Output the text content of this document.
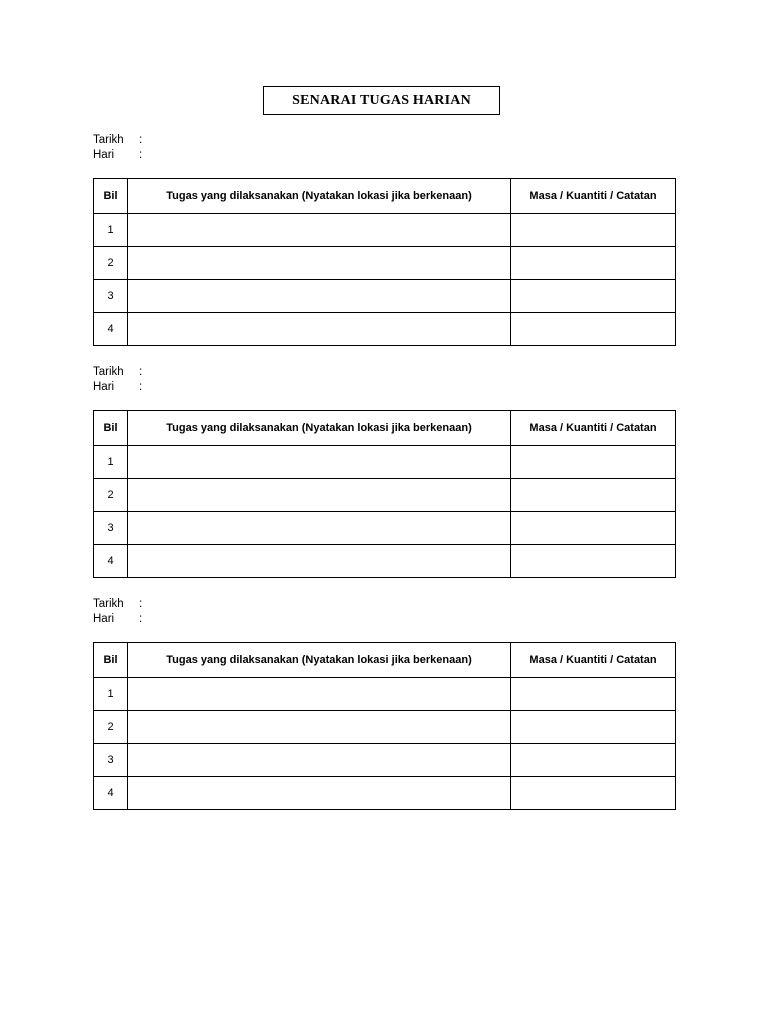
SENARAI TUGAS HARIAN
Tarikh	:
Hari	:
Bil	Tugas yang dilaksanakan (Nyatakan lokasi jika berkenaan)	Masa / Kuantiti / Catatan
1		
2		
3		
4		
Tarikh	:
Hari	:
Bil	Tugas yang dilaksanakan (Nyatakan lokasi jika berkenaan)	Masa / Kuantiti / Catatan
1		
2		
3		
4		
Tarikh	:
Hari	:
Bil	Tugas yang dilaksanakan (Nyatakan lokasi jika berkenaan)	Masa / Kuantiti / Catatan
1		
2		
3		
4		
